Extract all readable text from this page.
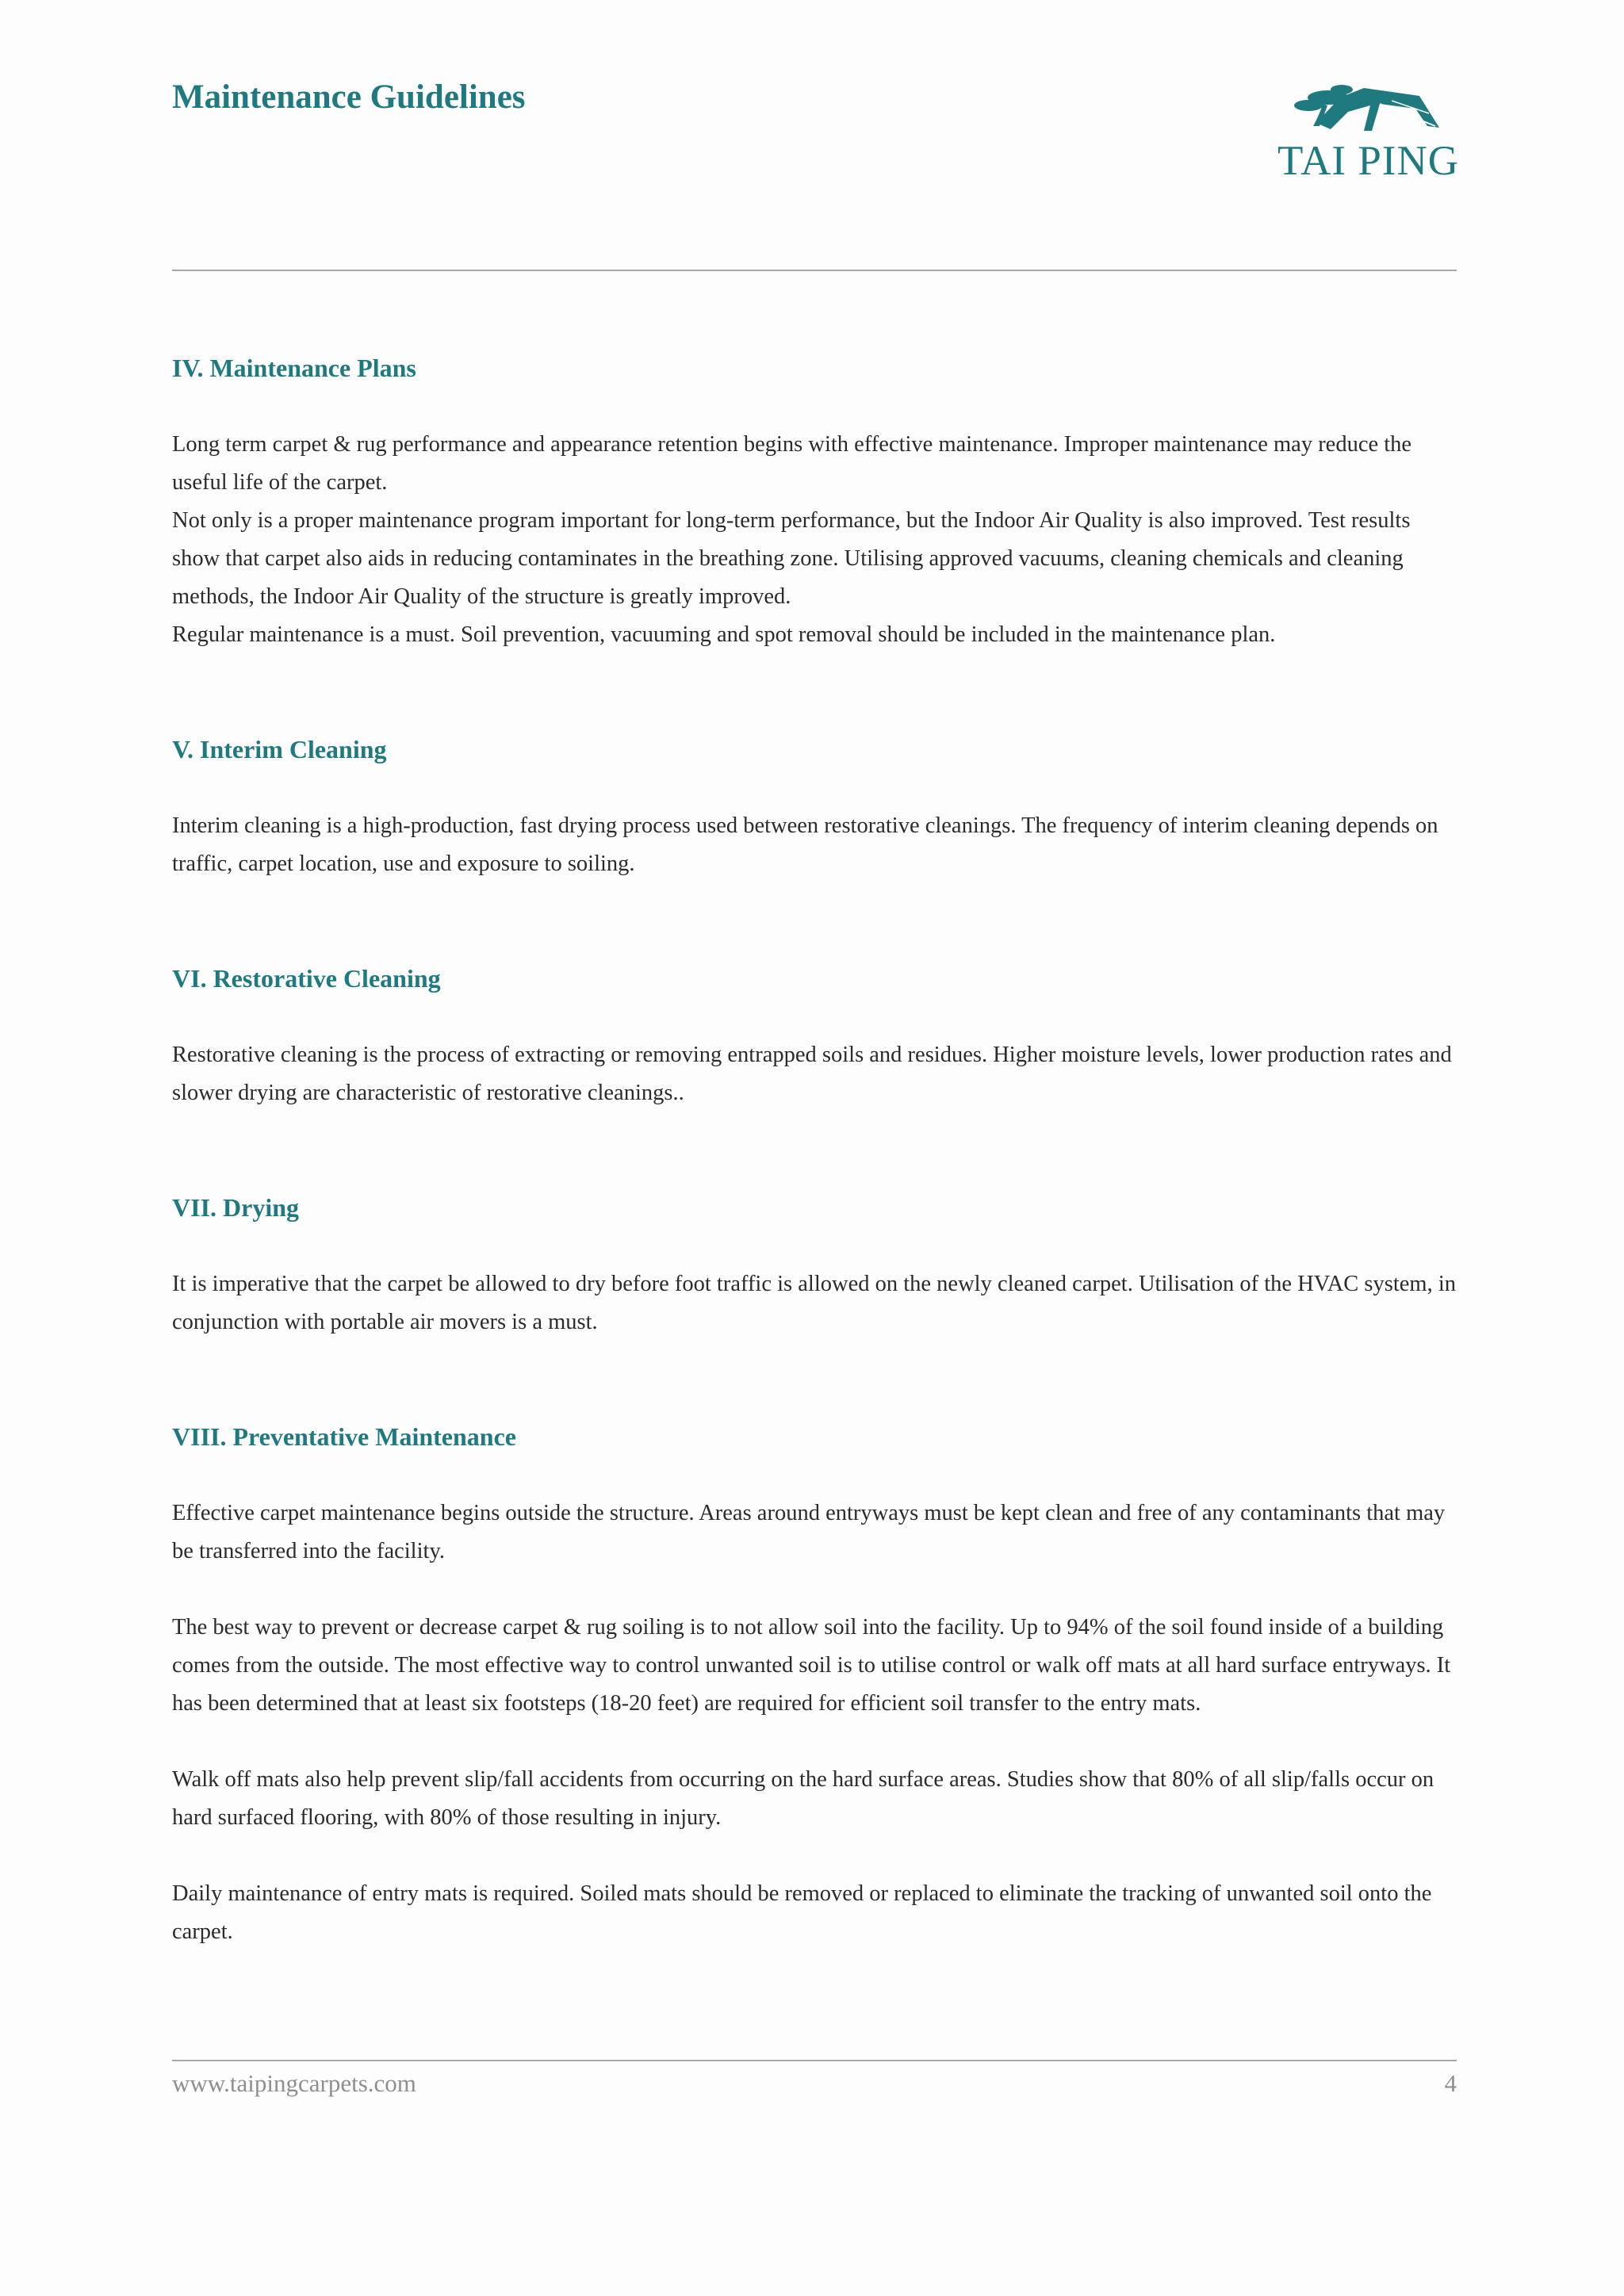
Maintenance Guidelines
TAI PING
IV. Maintenance Plans

Long term carpet & rug performance and appearance retention begins with effective maintenance. Improper maintenance may reduce the useful life of the carpet.

Not only is a proper maintenance program important for long-term performance, but the Indoor Air Quality is also improved. Test results show that carpet also aids in reducing contaminates in the breathing zone. Utilising approved vacuums, cleaning chemicals and cleaning methods, the Indoor Air Quality of the structure is greatly improved.

Regular maintenance is a must. Soil prevention, vacuuming and spot removal should be included in the maintenance plan.

V. Interim Cleaning

Interim cleaning is a high-production, fast drying process used between restorative cleanings. The frequency of interim cleaning depends on traffic, carpet location, use and exposure to soiling.

VI. Restorative Cleaning

Restorative cleaning is the process of extracting or removing entrapped soils and residues. Higher moisture levels, lower production rates and slower drying are characteristic of restorative cleanings..

VII. Drying

It is imperative that the carpet be allowed to dry before foot traffic is allowed on the newly cleaned carpet. Utilisation of the HVAC system, in conjunction with portable air movers is a must.

VIII. Preventative Maintenance

Effective carpet maintenance begins outside the structure. Areas around entryways must be kept clean and free of any contaminants that may be transferred into the facility.

The best way to prevent or decrease carpet & rug soiling is to not allow soil into the facility. Up to 94% of the soil found inside of a building comes from the outside. The most effective way to control unwanted soil is to utilise control or walk off mats at all hard surface entryways. It has been determined that at least six footsteps (18-20 feet) are required for efficient soil transfer to the entry mats.

Walk off mats also help prevent slip/fall accidents from occurring on the hard surface areas. Studies show that 80% of all slip/falls occur on hard surfaced flooring, with 80% of those resulting in injury.

Daily maintenance of entry mats is required. Soiled mats should be removed or replaced to eliminate the tracking of unwanted soil onto the carpet.

www.taipingcarpets.com	4
